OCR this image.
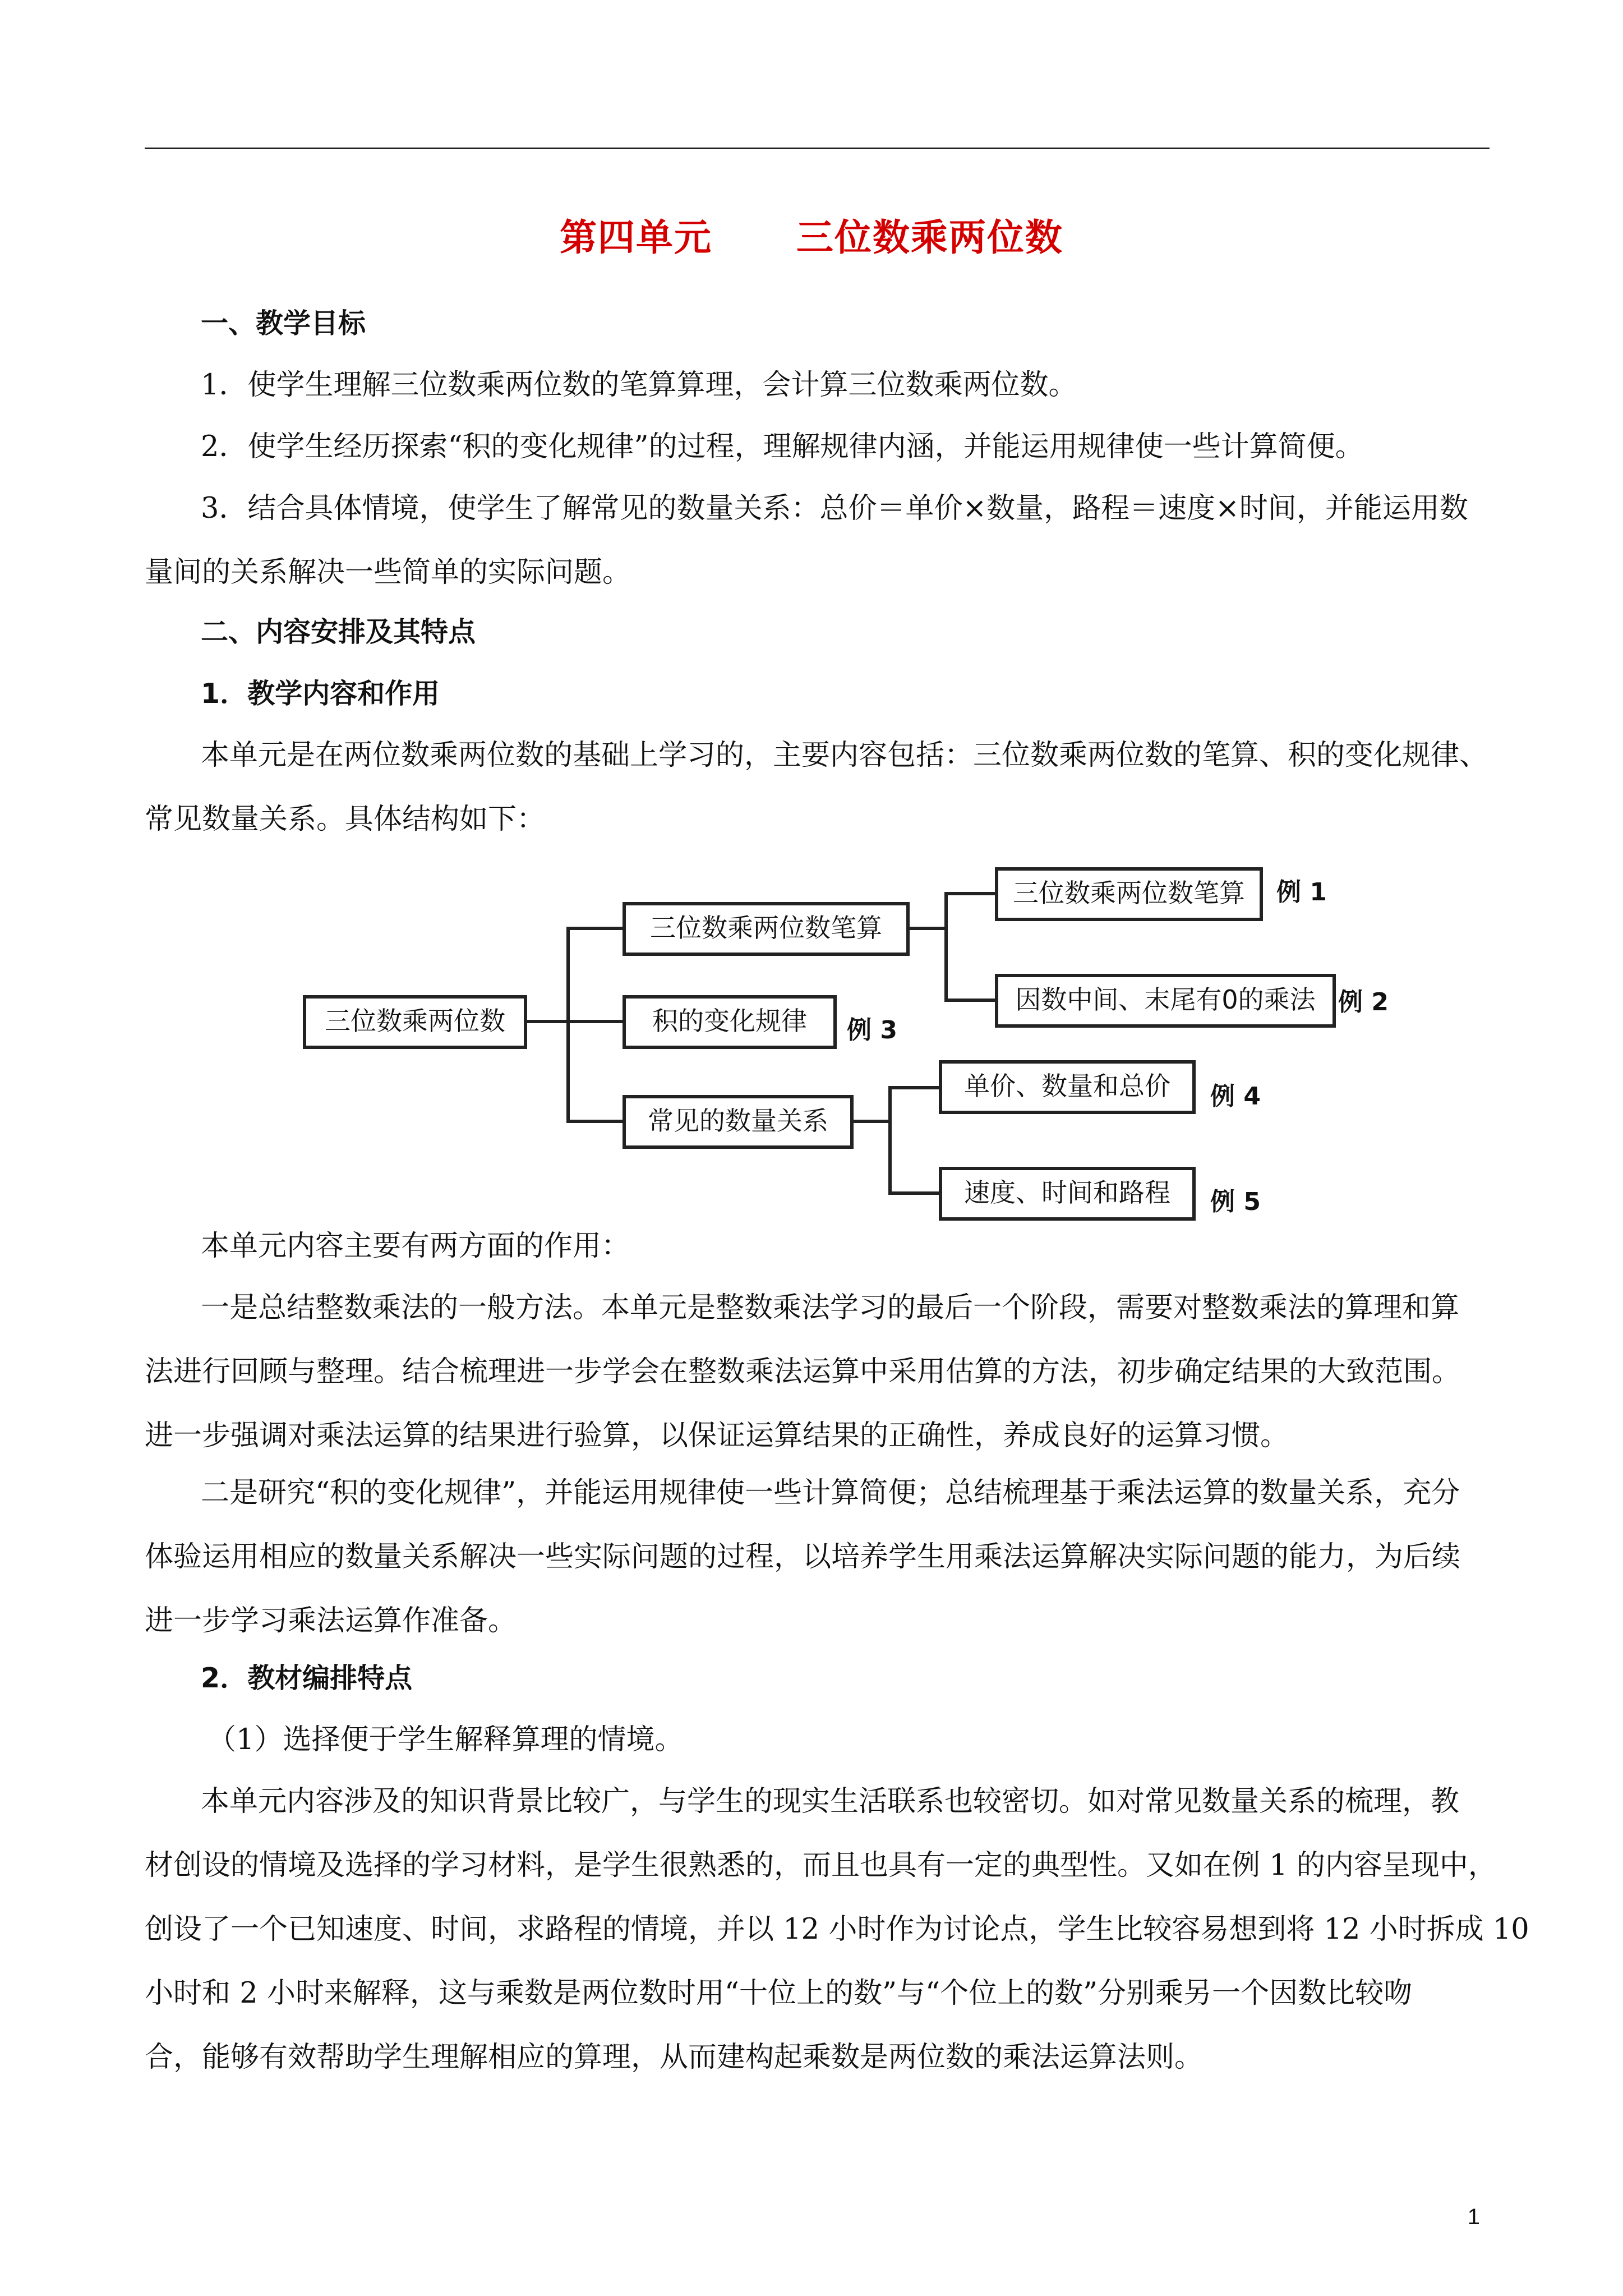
第四单元      三位数乘两位数
一、教学目标
1．使学生理解三位数乘两位数的笔算算理，会计算三位数乘两位数。
2．使学生经历探索“积的变化规律”的过程，理解规律内涵，并能运用规律使一些计算简便。
3．结合具体情境，使学生了解常见的数量关系：总价＝单价×数量，路程＝速度×时间，并能运用数
量间的关系解决一些简单的实际问题。
二、内容安排及其特点
1．教学内容和作用
本单元是在两位数乘两位数的基础上学习的，主要内容包括：三位数乘两位数的笔算、积的变化规律、
常见数量关系。具体结构如下：
三位数乘两位数
三位数乘两位数笔算
积的变化规律
常见的数量关系
三位数乘两位数笔算
因数中间、末尾有0的乘法
单价、数量和总价
速度、时间和路程
例 1
例 2
例 3
例 4
例 5
本单元内容主要有两方面的作用：
一是总结整数乘法的一般方法。本单元是整数乘法学习的最后一个阶段，需要对整数乘法的算理和算
法进行回顾与整理。结合梳理进一步学会在整数乘法运算中采用估算的方法，初步确定结果的大致范围。
进一步强调对乘法运算的结果进行验算，以保证运算结果的正确性，养成良好的运算习惯。
二是研究“积的变化规律”，并能运用规律使一些计算简便；总结梳理基于乘法运算的数量关系，充分
体验运用相应的数量关系解决一些实际问题的过程，以培养学生用乘法运算解决实际问题的能力，为后续
进一步学习乘法运算作准备。
2．教材编排特点
（1）选择便于学生解释算理的情境。
本单元内容涉及的知识背景比较广，与学生的现实生活联系也较密切。如对常见数量关系的梳理，教
材创设的情境及选择的学习材料，是学生很熟悉的，而且也具有一定的典型性。又如在例 1 的内容呈现中，
创设了一个已知速度、时间，求路程的情境，并以 12 小时作为讨论点，学生比较容易想到将 12 小时拆成 10
小时和 2 小时来解释，这与乘数是两位数时用“十位上的数”与“个位上的数”分别乘另一个因数比较吻
合，能够有效帮助学生理解相应的算理，从而建构起乘数是两位数的乘法运算法则。
1
